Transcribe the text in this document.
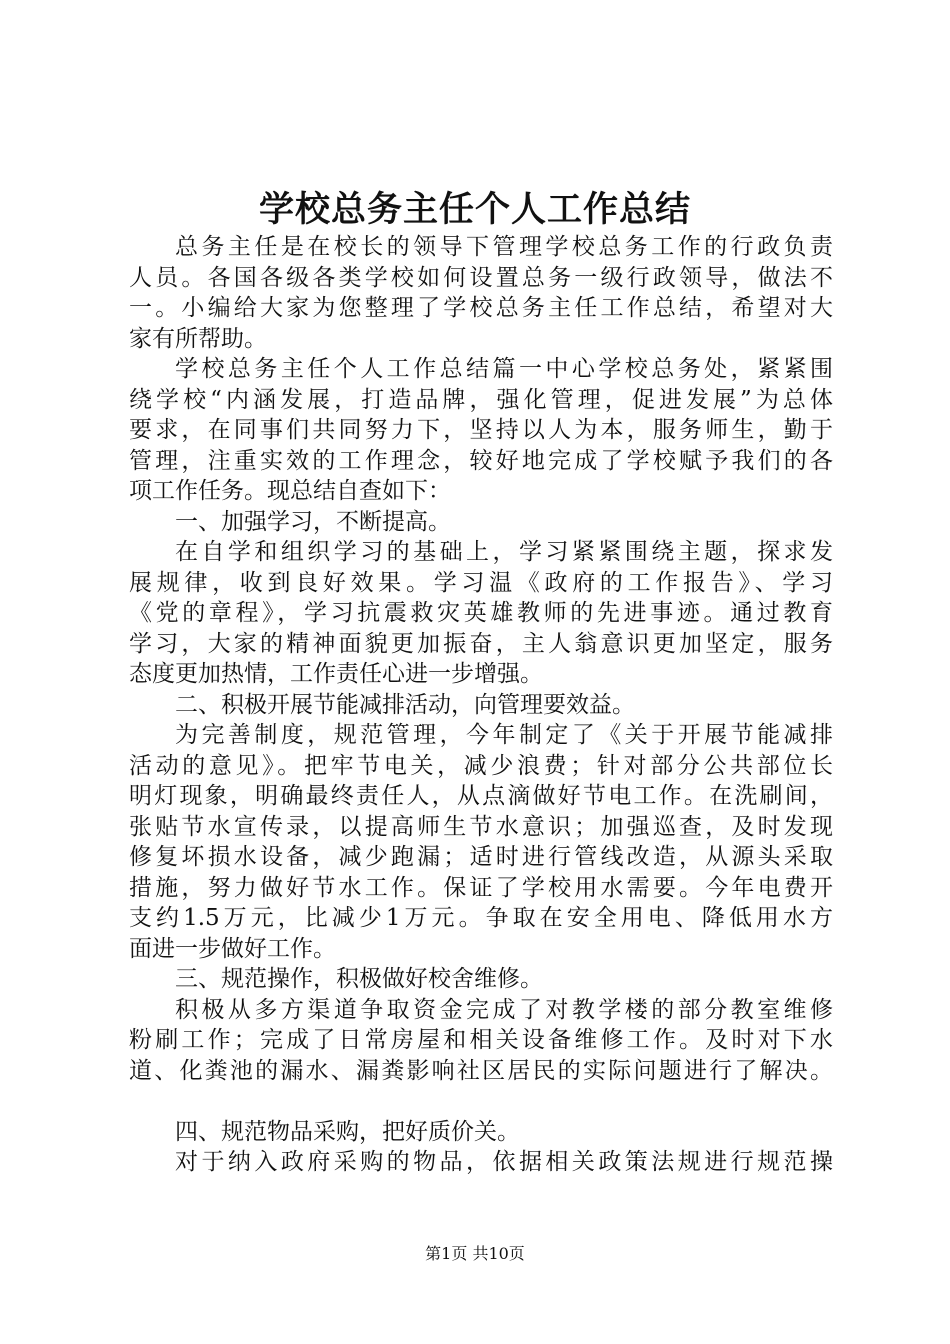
学校总务主任个人工作总结

总务主任是在校长的领导下管理学校总务工作的行政负责

人员。各国各级各类学校如何设置总务一级行政领导，做法不

一。小编给大家为您整理了学校总务主任工作总结，希望对大

家有所帮助。

学校总务主任个人工作总结篇一中心学校总务处，紧紧围

绕学校“内涵发展，打造品牌，强化管理，促进发展”为总体

要求，在同事们共同努力下，坚持以人为本，服务师生，勤于

管理，注重实效的工作理念，较好地完成了学校赋予我们的各

项工作任务。现总结自查如下：

一、加强学习，不断提高。

在自学和组织学习的基础上，学习紧紧围绕主题，探求发

展规律，收到良好效果。学习温《政府的工作报告》、学习

《党的章程》，学习抗震救灾英雄教师的先进事迹。通过教育

学习，大家的精神面貌更加振奋，主人翁意识更加坚定，服务

态度更加热情，工作责任心进一步增强。

二、积极开展节能减排活动，向管理要效益。

为完善制度，规范管理，今年制定了《关于开展节能减排

活动的意见》。把牢节电关，减少浪费；针对部分公共部位长

明灯现象，明确最终责任人，从点滴做好节电工作。在洗刷间，

张贴节水宣传录，以提高师生节水意识；加强巡查，及时发现

修复坏损水设备，减少跑漏；适时进行管线改造，从源头采取

措施，努力做好节水工作。保证了学校用水需要。今年电费开

支约1.5万元，比减少1万元。争取在安全用电、降低用水方

面进一步做好工作。

三、规范操作，积极做好校舍维修。

积极从多方渠道争取资金完成了对教学楼的部分教室维修

粉刷工作；完成了日常房屋和相关设备维修工作。及时对下水

道、化粪池的漏水、漏粪影响社区居民的实际问题进行了解决。

四、规范物品采购，把好质价关。

对于纳入政府采购的物品，依据相关政策法规进行规范操

第1页 共10页
